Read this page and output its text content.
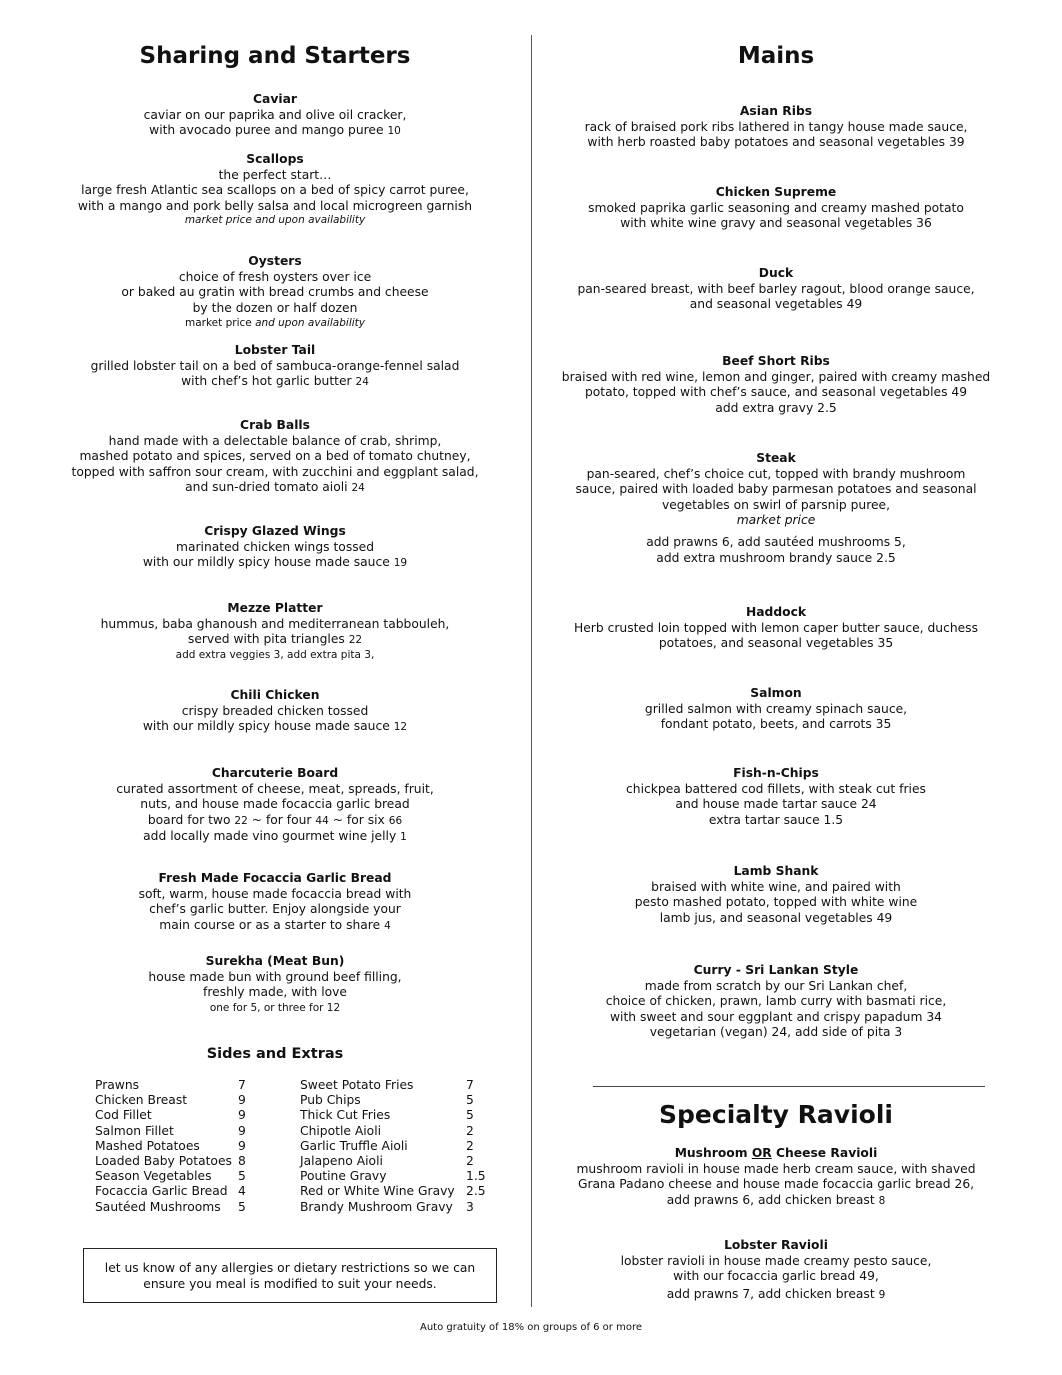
Sharing and Starters
Caviar
caviar on our paprika and olive oil cracker,
with avocado puree and mango puree 10
Scallops
the perfect start…
large fresh Atlantic sea scallops on a bed of spicy carrot puree,
with a mango and pork belly salsa and local microgreen garnish
market price and upon availability
Oysters
choice of fresh oysters over ice
or baked au gratin with bread crumbs and cheese
by the dozen or half dozen
market price and upon availability
Lobster Tail
grilled lobster tail on a bed of sambuca-orange-fennel salad
with chef’s hot garlic butter 24
Crab Balls
hand made with a delectable balance of crab, shrimp,
mashed potato and spices, served on a bed of tomato chutney,
topped with saffron sour cream, with zucchini and eggplant salad,
and sun-dried tomato aioli 24
Crispy Glazed Wings
marinated chicken wings tossed
with our mildly spicy house made sauce 19
Mezze Platter
hummus, baba ghanoush and mediterranean tabbouleh,
served with pita triangles 22
add extra veggies 3, add extra pita 3,
Chili Chicken
crispy breaded chicken tossed
with our mildly spicy house made sauce 12
Charcuterie Board
curated assortment of cheese, meat, spreads, fruit,
nuts, and house made focaccia garlic bread
board for two 22 ~ for four 44 ~ for six 66
add locally made vino gourmet wine jelly 1
Fresh Made Focaccia Garlic Bread
soft, warm, house made focaccia bread with
chef’s garlic butter. Enjoy alongside your
main course or as a starter to share 4
Surekha (Meat Bun)
house made bun with ground beef filling,
freshly made, with love
one for 5, or three for 12
Sides and Extras
Prawns	7
Chicken Breast	9
Cod Fillet	9
Salmon Fillet	9
Mashed Potatoes	9
Loaded Baby Potatoes 8
Season Vegetables	5
Focaccia Garlic Bread 4
Sautéed Mushrooms	5
Sweet Potato Fries	7
Pub Chips	5
Thick Cut Fries	5
Chipotle Aioli	2
Garlic Truffle Aioli	2
Jalapeno Aioli	2
Poutine Gravy	1.5
Red or White Wine Gravy 2.5
Brandy Mushroom Gravy	3
let us know of any allergies or dietary restrictions so we can
ensure you meal is modified to suit your needs.
Mains
Asian Ribs
rack of braised pork ribs lathered in tangy house made sauce,
with herb roasted baby potatoes and seasonal vegetables 39
Chicken Supreme
smoked paprika garlic seasoning and creamy mashed potato
with white wine gravy and seasonal vegetables 36
Duck
pan-seared breast, with beef barley ragout, blood orange sauce,
and seasonal vegetables 49
Beef Short Ribs
braised with red wine, lemon and ginger, paired with creamy mashed
potato, topped with chef’s sauce, and seasonal vegetables 49
add extra gravy 2.5
Steak
pan-seared, chef’s choice cut, topped with brandy mushroom
sauce, paired with loaded baby parmesan potatoes and seasonal
vegetables on swirl of parsnip puree,
market price
add prawns 6, add sautéed mushrooms 5,
add extra mushroom brandy sauce 2.5
Haddock
Herb crusted loin topped with lemon caper butter sauce, duchess
potatoes, and seasonal vegetables 35
Salmon
grilled salmon with creamy spinach sauce,
fondant potato, beets, and carrots 35
Fish-n-Chips
chickpea battered cod fillets, with steak cut fries
and house made tartar sauce 24
extra tartar sauce 1.5
Lamb Shank
braised with white wine, and paired with
pesto mashed potato, topped with white wine
lamb jus, and seasonal vegetables 49
Curry - Sri Lankan Style
made from scratch by our Sri Lankan chef,
choice of chicken, prawn, lamb curry with basmati rice,
with sweet and sour eggplant and crispy papadum 34
vegetarian (vegan) 24, add side of pita 3
Specialty Ravioli
Mushroom OR Cheese Ravioli
mushroom ravioli in house made herb cream sauce, with shaved
Grana Padano cheese and house made focaccia garlic bread 26,
add prawns 6, add chicken breast 8
Lobster Ravioli
lobster ravioli in house made creamy pesto sauce,
with our focaccia garlic bread 49,
add prawns 7, add chicken breast 9
Auto gratuity of 18% on groups of 6 or more
